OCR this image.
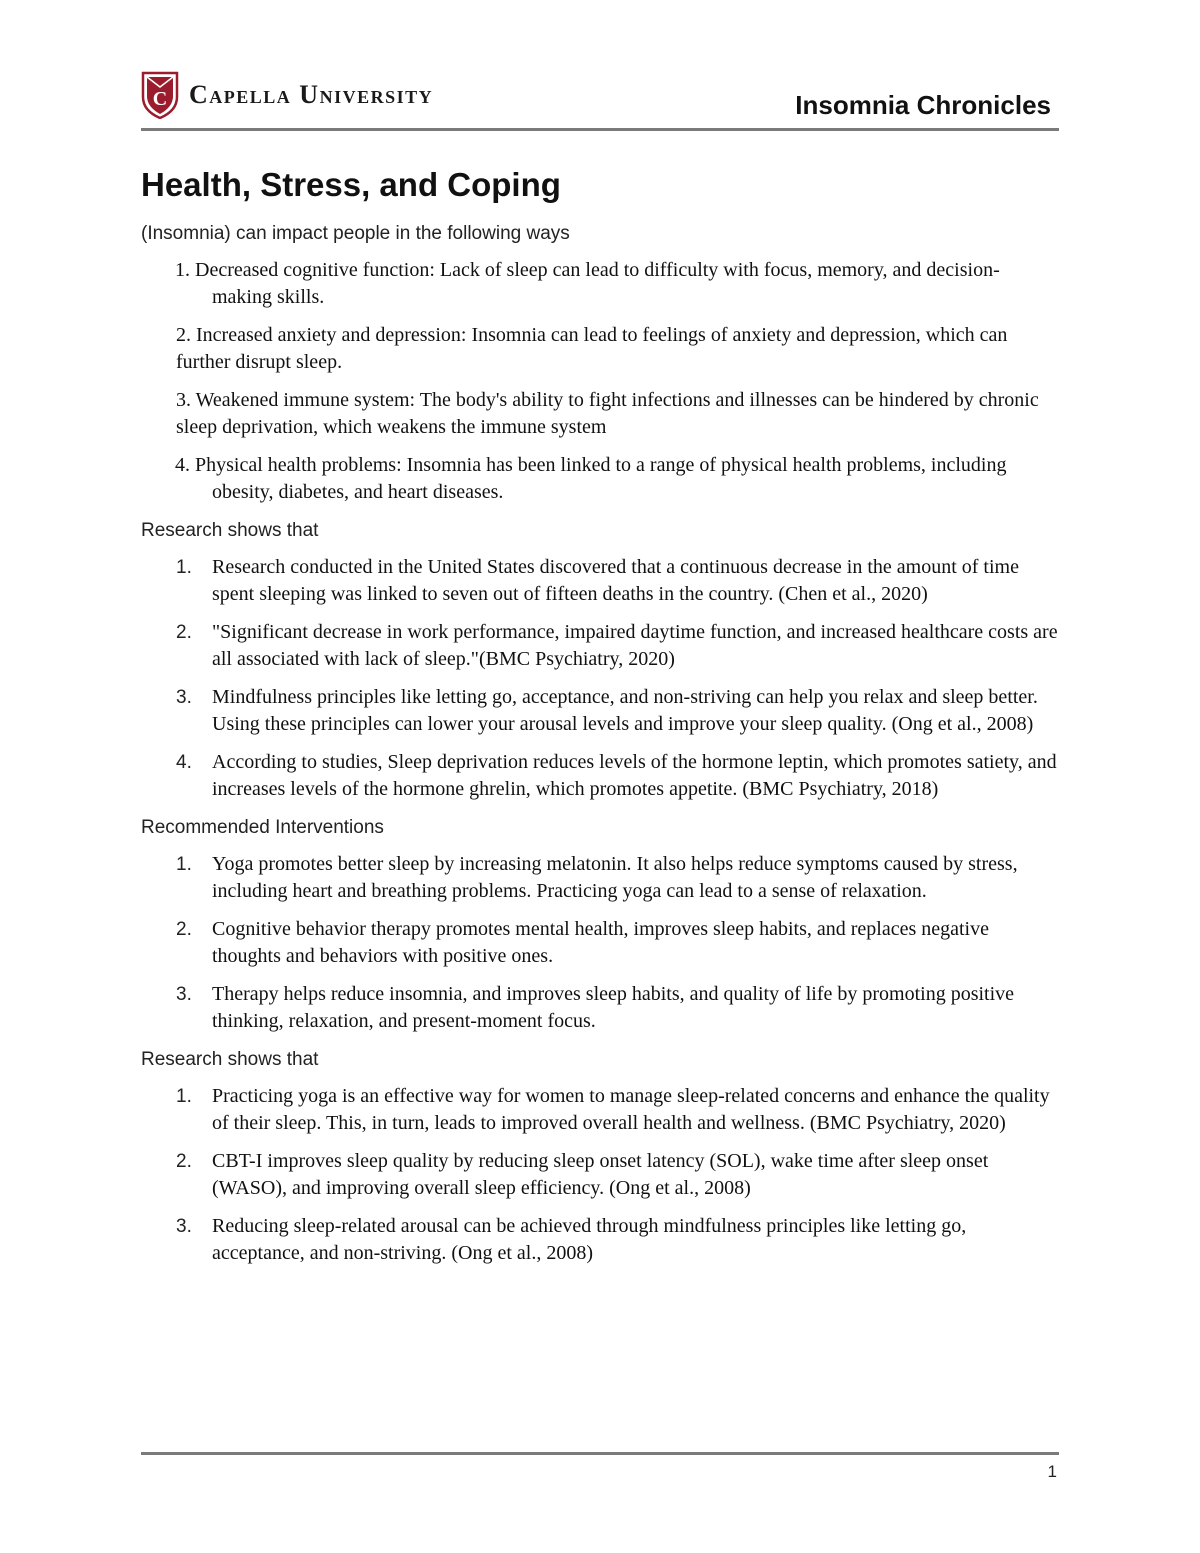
C Capella University	Insomnia Chronicles
Health, Stress, and Coping

(Insomnia) can impact people in the following ways

1. Decreased cognitive function: Lack of sleep can lead to difficulty with focus, memory, and decision-making skills.

2. Increased anxiety and depression: Insomnia can lead to feelings of anxiety and depression, which can further disrupt sleep.

3. Weakened immune system: The body's ability to fight infections and illnesses can be hindered by chronic sleep deprivation, which weakens the immune system

4. Physical health problems: Insomnia has been linked to a range of physical health problems, including obesity, diabetes, and heart diseases.

Research shows that

1. Research conducted in the United States discovered that a continuous decrease in the amount of time spent sleeping was linked to seven out of fifteen deaths in the country. (Chen et al., 2020)
2. "Significant decrease in work performance, impaired daytime function, and increased healthcare costs are all associated with lack of sleep."(BMC Psychiatry, 2020)
3. Mindfulness principles like letting go, acceptance, and non-striving can help you relax and sleep better. Using these principles can lower your arousal levels and improve your sleep quality. (Ong et al., 2008)
4. According to studies, Sleep deprivation reduces levels of the hormone leptin, which promotes satiety, and increases levels of the hormone ghrelin, which promotes appetite. (BMC Psychiatry, 2018)

Recommended Interventions

1. Yoga promotes better sleep by increasing melatonin. It also helps reduce symptoms caused by stress, including heart and breathing problems. Practicing yoga can lead to a sense of relaxation.
2. Cognitive behavior therapy promotes mental health, improves sleep habits, and replaces negative thoughts and behaviors with positive ones.
3. Therapy helps reduce insomnia, and improves sleep habits, and quality of life by promoting positive thinking, relaxation, and present-moment focus.

Research shows that

1. Practicing yoga is an effective way for women to manage sleep-related concerns and enhance the quality of their sleep. This, in turn, leads to improved overall health and wellness. (BMC Psychiatry, 2020)
2. CBT-I improves sleep quality by reducing sleep onset latency (SOL), wake time after sleep onset (WASO), and improving overall sleep efficiency. (Ong et al., 2008)
3. Reducing sleep-related arousal can be achieved through mindfulness principles like letting go, acceptance, and non-striving. (Ong et al., 2008)
1
